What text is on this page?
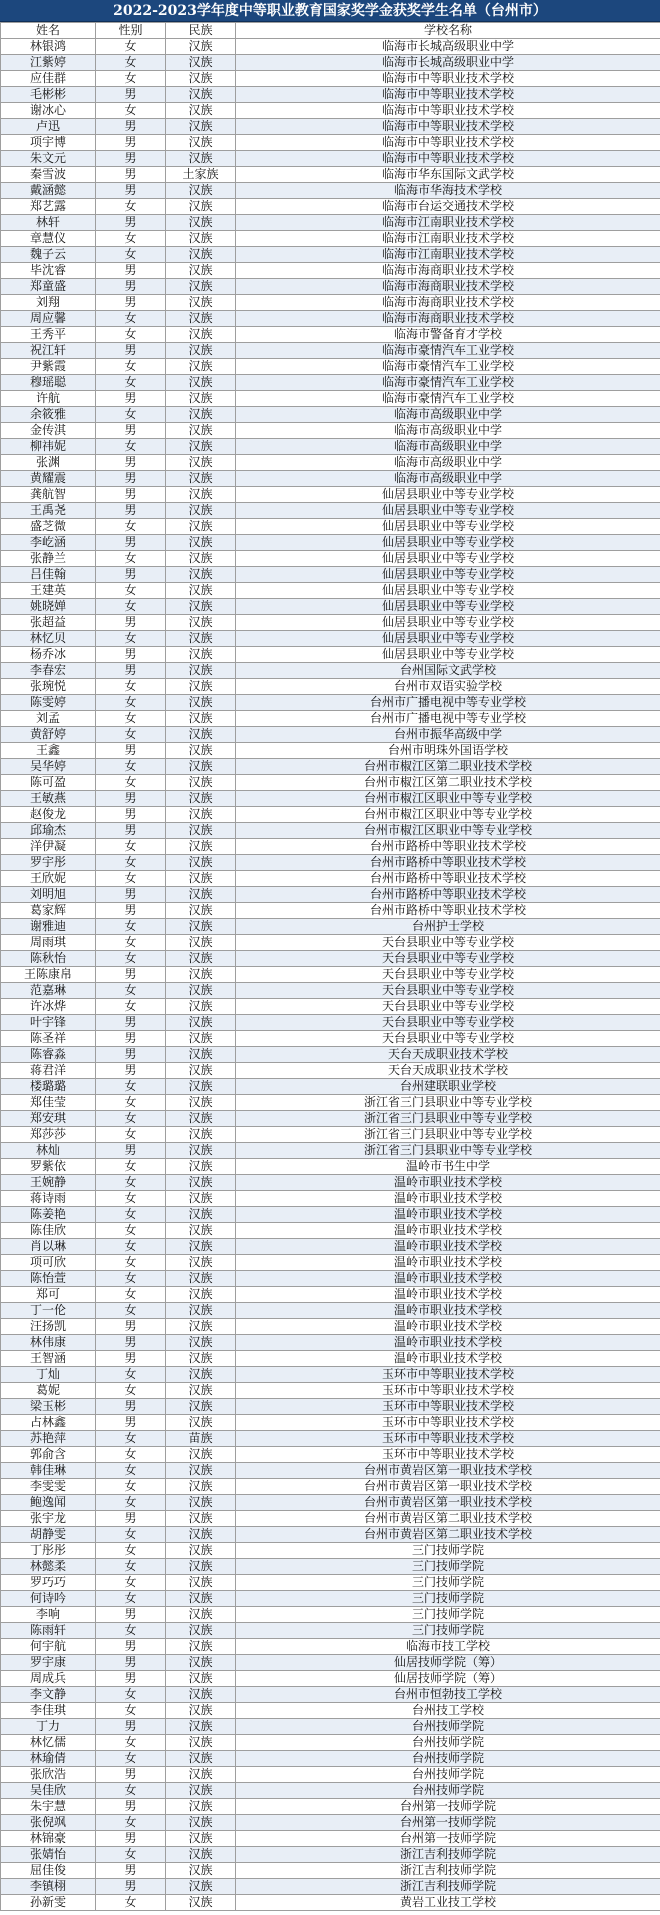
2022-2023学年度中等职业教育国家奖学金获奖学生名单（台州市）
姓名	性别	民族	学校名称
林银鸿	女	汉族	临海市长城高级职业中学
江紫婷	女	汉族	临海市长城高级职业中学
应佳群	女	汉族	临海市中等职业技术学校
毛彬彬	男	汉族	临海市中等职业技术学校
谢冰心	女	汉族	临海市中等职业技术学校
卢迅	男	汉族	临海市中等职业技术学校
项宇博	男	汉族	临海市中等职业技术学校
朱文元	男	汉族	临海市中等职业技术学校
秦雪波	男	土家族	临海市华东国际文武学校
戴涵懿	男	汉族	临海市华海技术学校
郑艺露	女	汉族	临海市台运交通技术学校
林轩	男	汉族	临海市江南职业技术学校
章慧仪	女	汉族	临海市江南职业技术学校
魏子云	女	汉族	临海市江南职业技术学校
毕沈睿	男	汉族	临海市海商职业技术学校
郑童盛	男	汉族	临海市海商职业技术学校
刘翔	男	汉族	临海市海商职业技术学校
周应馨	女	汉族	临海市海商职业技术学校
王秀平	女	汉族	临海市警备育才学校
祝江轩	男	汉族	临海市豪情汽车工业学校
尹紫霞	女	汉族	临海市豪情汽车工业学校
穆瑶聪	女	汉族	临海市豪情汽车工业学校
许航	男	汉族	临海市豪情汽车工业学校
余筱雅	女	汉族	临海市高级职业中学
金传淇	男	汉族	临海市高级职业中学
柳祎妮	女	汉族	临海市高级职业中学
张渊	男	汉族	临海市高级职业中学
黄耀震	男	汉族	临海市高级职业中学
龚航智	男	汉族	仙居县职业中等专业学校
王禹尧	男	汉族	仙居县职业中等专业学校
盛芝微	女	汉族	仙居县职业中等专业学校
李屹涵	男	汉族	仙居县职业中等专业学校
张静兰	女	汉族	仙居县职业中等专业学校
吕佳翰	男	汉族	仙居县职业中等专业学校
王建英	女	汉族	仙居县职业中等专业学校
姚晓婵	女	汉族	仙居县职业中等专业学校
张超益	男	汉族	仙居县职业中等专业学校
林忆贝	女	汉族	仙居县职业中等专业学校
杨乔冰	男	汉族	仙居县职业中等专业学校
李春宏	男	汉族	台州国际文武学校
张琬悦	女	汉族	台州市双语实验学校
陈雯婷	女	汉族	台州市广播电视中等专业学校
刘孟	女	汉族	台州市广播电视中等专业学校
黄舒婷	女	汉族	台州市振华高级中学
王鑫	男	汉族	台州市明珠外国语学校
吴华婷	女	汉族	台州市椒江区第二职业技术学校
陈可盈	女	汉族	台州市椒江区第二职业技术学校
王敏燕	男	汉族	台州市椒江区职业中等专业学校
赵俊龙	男	汉族	台州市椒江区职业中等专业学校
邱瑜杰	男	汉族	台州市椒江区职业中等专业学校
洋伊凝	女	汉族	台州市路桥中等职业技术学校
罗宇彤	女	汉族	台州市路桥中等职业技术学校
王欣妮	女	汉族	台州市路桥中等职业技术学校
刘明旭	男	汉族	台州市路桥中等职业技术学校
葛家辉	男	汉族	台州市路桥中等职业技术学校
谢雅迪	女	汉族	台州护士学校
周雨琪	女	汉族	天台县职业中等专业学校
陈秋怡	女	汉族	天台县职业中等专业学校
王陈康帛	男	汉族	天台县职业中等专业学校
范嘉琳	女	汉族	天台县职业中等专业学校
许冰烨	女	汉族	天台县职业中等专业学校
叶宇锋	男	汉族	天台县职业中等专业学校
陈圣祥	男	汉族	天台县职业中等专业学校
陈睿淼	男	汉族	天台天成职业技术学校
蒋君洋	男	汉族	天台天成职业技术学校
楼璐璐	女	汉族	台州建联职业学校
郑佳莹	女	汉族	浙江省三门县职业中等专业学校
郑安琪	女	汉族	浙江省三门县职业中等专业学校
郑莎莎	女	汉族	浙江省三门县职业中等专业学校
林灿	男	汉族	浙江省三门县职业中等专业学校
罗紫依	女	汉族	温岭市书生中学
王婉静	女	汉族	温岭市职业技术学校
蒋诗雨	女	汉族	温岭市职业技术学校
陈姜艳	女	汉族	温岭市职业技术学校
陈佳欣	女	汉族	温岭市职业技术学校
肖以琳	女	汉族	温岭市职业技术学校
项可欣	女	汉族	温岭市职业技术学校
陈怡萱	女	汉族	温岭市职业技术学校
郑可	女	汉族	温岭市职业技术学校
丁一伦	女	汉族	温岭市职业技术学校
汪扬凯	男	汉族	温岭市职业技术学校
林伟康	男	汉族	温岭市职业技术学校
王智涵	男	汉族	温岭市职业技术学校
丁灿	女	汉族	玉环市中等职业技术学校
葛妮	女	汉族	玉环市中等职业技术学校
梁玉彬	男	汉族	玉环市中等职业技术学校
占林鑫	男	汉族	玉环市中等职业技术学校
苏艳萍	女	苗族	玉环市中等职业技术学校
郭俞含	女	汉族	玉环市中等职业技术学校
韩佳琳	女	汉族	台州市黄岩区第一职业技术学校
李雯雯	女	汉族	台州市黄岩区第一职业技术学校
鲍逸闻	女	汉族	台州市黄岩区第一职业技术学校
张宇龙	男	汉族	台州市黄岩区第二职业技术学校
胡静雯	女	汉族	台州市黄岩区第二职业技术学校
丁彤彤	女	汉族	三门技师学院
林懿柔	女	汉族	三门技师学院
罗巧巧	女	汉族	三门技师学院
何诗吟	女	汉族	三门技师学院
李响	男	汉族	三门技师学院
陈雨轩	女	汉族	三门技师学院
何宇航	男	汉族	临海市技工学校
罗宇康	男	汉族	仙居技师学院（筹）
周成兵	男	汉族	仙居技师学院（筹）
李文静	女	汉族	台州市恒勃技工学校
李佳琪	女	汉族	台州技工学校
丁力	男	汉族	台州技师学院
林忆儒	女	汉族	台州技师学院
林瑜倩	女	汉族	台州技师学院
张欣浩	男	汉族	台州技师学院
吴佳欣	女	汉族	台州技师学院
朱宇慧	男	汉族	台州第一技师学院
张倪飒	女	汉族	台州第一技师学院
林锦豪	男	汉族	台州第一技师学院
张婧怡	女	汉族	浙江吉利技师学院
屈佳俊	男	汉族	浙江吉利技师学院
李镇栩	男	汉族	浙江吉利技师学院
孙新雯	女	汉族	黄岩工业技工学校
